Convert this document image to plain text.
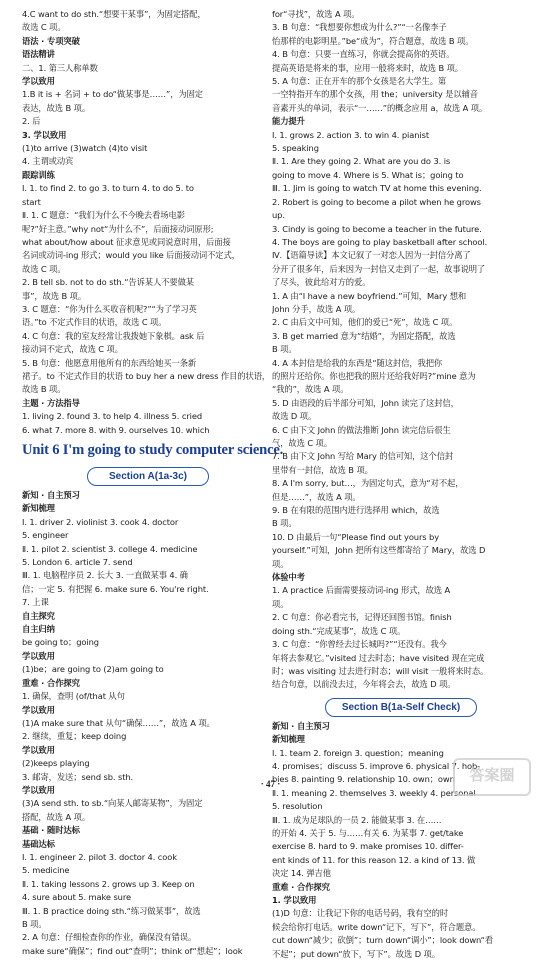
4.C want to do sth.“想要干某事”，为固定搭配，
故选 C 项。
语法 · 专项突破
语法精讲
二、1. 第三人称单数
学以致用
1.B it is + 名词 + to do“做某事是……”，为固定
表达，故选 B 项。
2. 后
3. 学以致用
(1)to arrive (3)watch (4)to visit
4. 主谓或动宾
跟踪训练
Ⅰ. 1. to find 2. to go 3. to turn 4. to do 5. to
start
Ⅱ. 1. C 题意：“我们为什么不今晚去看场电影
呢?”好主意。”why not“为什么不”，后面接动词原形;
what about/how about 征求意见或同说意时用，后面接
名词或动词-ing 形式；would you like 后面接动词不定式，
故选 C 项。
2. B tell sb. not to do sth.“告诉某人不要做某
事”，故选 B 项。
3. C 题意：“你为什么买收音机呢?”“为了学习英
语。”to 不定式作目的状语，故选 C 项。
4. C 句意：我的室友经常让我拨她下象棋。ask 后
接动词不定式，故选 C 项。
5. B 句意：他愿意用他所有的东西给她买一条新
裙子。to 不定式作目的状语 to buy her a new dress 作目的状语，
故选 B 项。
主题 · 方法指导
1. living 2. found 3. to help 4. illness 5. cried
6. what 7. more 8. with 9. ourselves 10. which
Unit 6 I'm going to study computer science.
Section A(1a-3c)
新知 · 自主预习
新知梳理
Ⅰ. 1. driver 2. violinist 3. cook 4. doctor
5. engineer
Ⅱ. 1. pilot 2. scientist 3. college 4. medicine
5. London 6. article 7. send
Ⅲ. 1. 电脑程序员 2. 长大 3. 一直做某事 4. 确
信；一定 5. 有把握 6. make sure 6. You're right.
7. 上课
自主探究
自主归纳
be going to；going
学以致用
(1)be；are going to (2)am going to
重难 · 合作探究
1. 确保，查明 (of/that 从句
学以致用
(1)A make sure that 从句“确保……”，故选 A 项。
2. 继续，重复；keep doing
学以致用
(2)keeps playing
3. 邮寄，发送；send sb. sth.
学以致用
(3)A send sth. to sb.“向某人邮寄某物”，为固定
搭配，故选 A 项。
基础 · 随时达标
基础达标
Ⅰ. 1. engineer 2. pilot 3. doctor 4. cook
5. medicine
Ⅱ. 1. taking lessons 2. grows up 3. Keep on
4. sure about 5. make sure
Ⅲ. 1. B practice doing sth.“练习做某事”，故选
B 项。
2. A 句意：仔细检查你的作业，确保没有错误。
make sure“确保”；find out“查明”；think of“想起”；look
for“寻找”，故选 A 项。
3. B 句意：“我想要你想成为什么?”“一名像李子
怡那样的电影明星。”be“成为”，符合题意，故选 B 项。
4. B 句意：只要一直练习，你就会提高你的英语。
提高英语是将来的事，应用一般将来时，故选 B 项。
5. A 句意：正在开车的那个女孩是名大学生。第
一空特指开车的那个女孩，用 the；university 是以辅音
音素开头的单词，表示“一……”的概念应用 a，故选 A 项。
能力提升
Ⅰ. 1. grows 2. action 3. to win 4. pianist
5. speaking
Ⅱ. 1. Are they going 2. What are you do 3. is
going to move 4. Where is 5. What is；going to
Ⅲ. 1. Jim is going to watch TV at home this evening.
2. Robert is going to become a pilot when he grows
up.
3. Cindy is going to become a teacher in the future.
4. The boys are going to play basketball after school.
Ⅳ.【语篇导读】本文记叙了一对恋人因为一封信分离了
分开了很多年，后来因为一封信又走到了一起，故事说明了
了尽头，彼此给对方的爱。
1. A 由“I have a new boyfriend.”可知，Mary 想和
John 分手，故选 A 项。
2. C 由后文中可知，他们的爱已“死”，故选 C 项。
3. B get married 意为“结婚”，为固定搭配，故选
B 项。
4. A 本封信是给我的东西是“随这封信，我把你
的照片还给你。你也把我的照片还给我好吗?”mine 意为
“我的”，故选 A 项。
5. D 由语段的后半部分可知，John 读完了这封信，
故选 D 项。
6. C 由下文 John 的做法推断 John 读完信后很生
气，故选 C 项。
7. B 由下文 John 写给 Mary 的信可知，这个信封
里带有一封信，故选 B 项。
8. A I'm sorry, but…，为固定句式，意为“对不起，
但是……”，故选 A 项。
9. B 在有限的范围内进行选择用 which，故选
B 项。
10. D 由最后一句“Please find out yours by
yourself.”可知，John 把所有这些都寄给了 Mary，故选 D
项。
体验中考
1. A practice 后面需要接动词-ing 形式，故选 A
项。
2. C 句意：你必看完书，记得还回图书馆。finish
doing sth.“完成某事”，故选 C 项。
3. C 句意：“你曾经去过长城吗?”“还没有。我今
年将去参观它。”visited 过去时态；have visited 现在完成
时；was visiting 过去进行时态；will visit 一般将来时态。
结合句意，以前没去过，今年将会去，故选 D 项。
Section B(1a-Self Check)
新知 · 自主预习
新知梳理
Ⅰ. 1. team 2. foreign 3. question；meaning
4. promises；discuss 5. improve 6. physical 7. hob-
bies 8. painting 9. relationship 10. own；own
Ⅱ. 1. meaning 2. themselves 3. weekly 4. personal
5. resolution
Ⅲ. 1. 成为足球队的一员 2. 能做某事 3. 在……
的开始 4. 关于 5. 与……有关 6. 为某事 7. get/take
exercise 8. hard to 9. make promises 10. differ-
ent kinds of 11. for this reason 12. a kind of 13. 做
决定 14. 弹吉他
重难 · 合作探究
1. 学以致用
(1)D 句意：让我记下你的电话号码，我有空的时
候会给你打电话。write down“记下，写下”，符合题意。
cut down“减少；砍倒”；turn down“调小”；look down“看
不起”；put down“放下，写下”。故选 D 项。
· 47 ·	答案圈
